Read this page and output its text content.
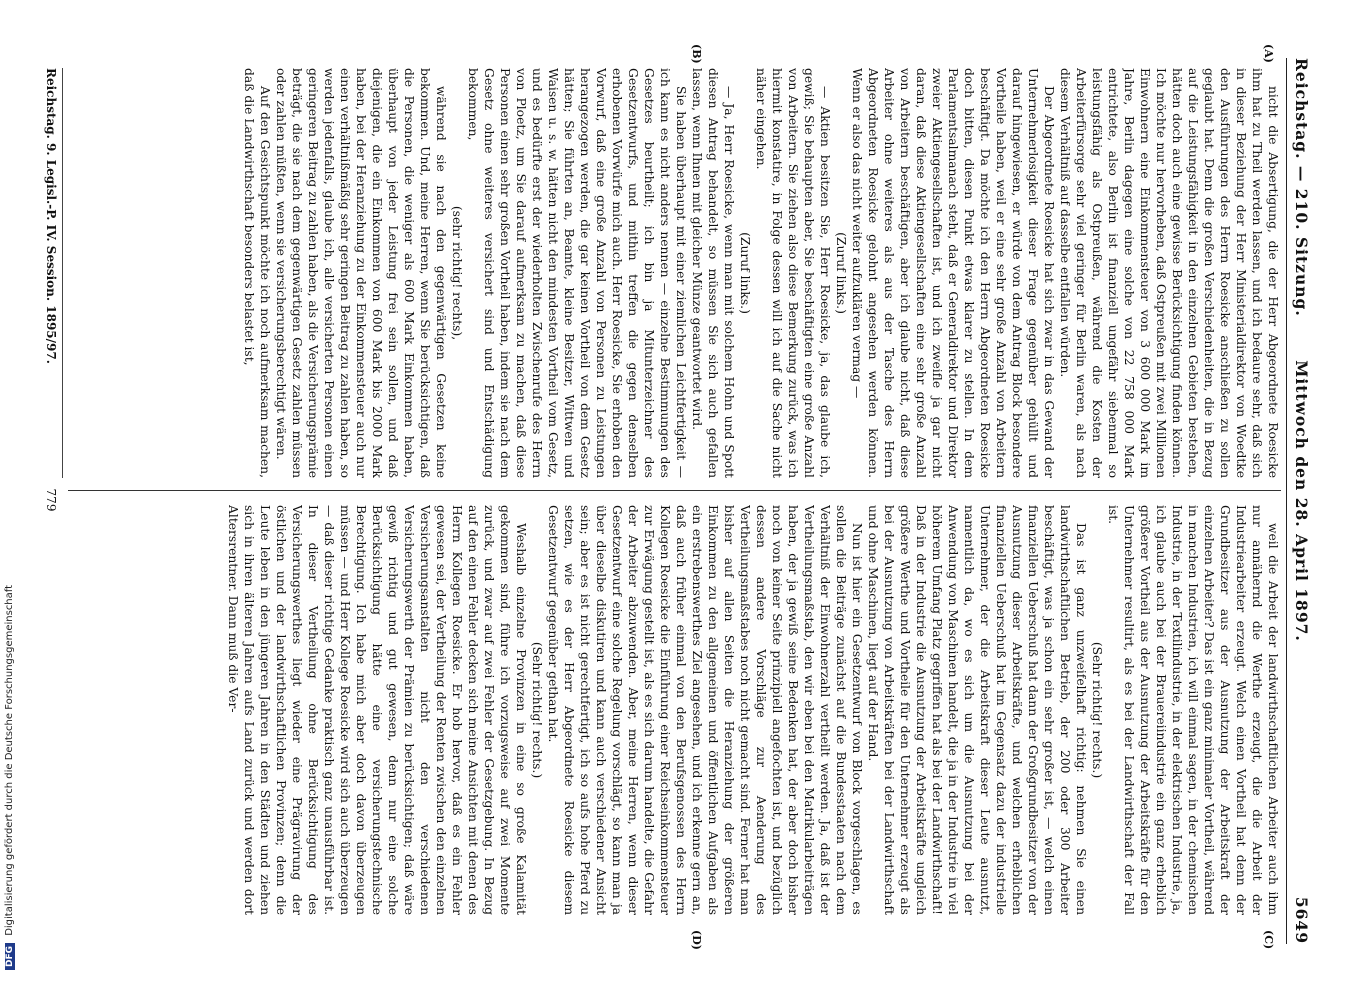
Reichstag. — 210. Sitzung.
Mittwoch den 28. April 1897.
5649
(A)
(B)
(C)
(D)

nicht die Absertigung, die der Herr Abgeordnete Roesicke ihm hat zu Theil werden lassen, und ich bedaure sehr, daß sich in dieser Beziehung der Herr Ministerialdirektor von Woedtke den Ausführungen des Herrn Roesicke anschließen zu sollen geglaubt hat. Denn die großen Verschiedenheiten, die in Bezug auf die Leistungsfähigkeit in den einzelnen Gebieten bestehen, hätten doch auch eine gewisse Berücksichtigung finden können. Ich möchte nur hervorheben, daß Ostpreußen mit zwei Millionen Einwohnern eine Einkommensteuer von 3 600 000 Mark im Jahre, Berlin dagegen eine solche von 22 758 000 Mark entrichtete, also Berlin ist finanziell ungefähr siebenmal so leistungsfähig als Ostpreußen, während die Kosten der Arbeiterfürsorge sehr viel geringer für Berlin waren, als nach diesem Verhältniß auf dasselbe entfallen würden.

Der Abgeordnete Roesicke hat sich zwar in das Gewand der Unternehmerlosigkeit dieser Frage gegenüber gehüllt und darauf hingewiesen, er würde von dem Antrag Block besondere Vortheile haben, weil er eine sehr große Anzahl von Arbeitern beschäftigt. Da möchte ich den Herrn Abgeordneten Roesicke doch bitten, diesen Punkt etwas klarer zu stellen. In dem Parlamentsalmanach steht, daß er Generaldirektor und Direktor zweier Aktiengesellschaften ist, und ich zweifle ja gar nicht daran, daß diese Aktiengesellschaften eine sehr große Anzahl von Arbeitern beschäftigen, aber ich glaube nicht, daß diese Arbeiter ohne weiteres als aus der Tasche des Herrn Abgeordneten Roesicke gelohnt angesehen werden können. Wenn er also das nicht weiter aufzuklären vermag —

(Zuruf links.)

— Aktien besitzen Sie, Herr Roesicke, ja, das glaube ich, gewiß; Sie behaupten aber, Sie beschäftigten eine große Anzahl von Arbeitern. Sie ziehen also diese Bemerkung zurück, was ich hiermit konstatire, in Folge dessen will ich auf die Sache nicht näher eingehen.

(Zuruf links.)

— Ja, Herr Roesicke, wenn man mit solchem Hohn und Spott diesen Antrag behandelt, so müssen Sie sich auch gefallen lassen, wenn Ihnen mit gleicher Münze geantwortet wird.

Sie haben überhaupt mit einer ziemlichen Leichtfertigkeit — ich kann es nicht anders nennen — einzelne Bestimmungen des Gesetzes beurtheilt; ich bin ja Mitunterzeichner des Gesetzentwurfs, und mithin treffen die gegen denselben erhobenen Vorwürfe mich auch. Herr Roesicke, Sie erhoben den Vorwurf, daß eine große Anzahl von Personen zu Leistungen herangezogen werden, die gar keinen Vortheil von dem Gesetz hätten; Sie führten an, Beamte, kleine Besitzer, Wittwen und Waisen u. s. w. hätten nicht den mindesten Vortheil vom Gesetz, und es bedürfte erst der wiederholten Zwischenrufe des Herrn von Ploetz, um Sie darauf aufmerksam zu machen, daß diese Personen einen sehr großen Vortheil haben, indem sie nach dem Gesetz ohne weiteres versichert sind und Entschädigung bekommen,

(sehr richtig! rechts),

während sie nach den gegenwärtigen Gesetzen keine bekommen. Und, meine Herren, wenn Sie berücksichtigen, daß die Personen, die weniger als 600 Mark Einkommen haben, überhaupt von jeder Leistung frei sein sollen, und daß diejenigen, die ein Einkommen von 600 Mark bis 2000 Mark haben, bei der Heranziehung zu der Einkommensteuer auch nur einen verhältnißmäßig sehr geringen Beitrag zu zahlen haben, so werden jedenfalls, glaube ich, alle versicherten Personen einen geringeren Beitrag zu zahlen haben, als die Versicherungsprämie beträgt, die sie nach dem gegenwärtigen Gesetz zahlen müssen oder zahlen müßten, wenn sie versicherungsberechtigt wären.

Auf den Gesichtspunkt möchte ich noch aufmerksam machen, daß die Landwirthschaft besonders belastet ist,

weil die Arbeit der landwirthschaftlichen Arbeiter auch ihm nur annähernd die Werthe erzeugt, die die Arbeit der Industriearbeiter erzeugt. Welch einen Vortheil hat denn der Grundbesitzer aus der Ausnutzung der Arbeitskraft der einzelnen Arbeiter? Das ist ein ganz minimaler Vortheil, während in manchen Industrien, ich will einmal sagen, in der chemischen Industrie, in der Textilindustrie, in der elektrischen Industrie, ja, ich glaube auch bei der Brauereiindustrie ein ganz erheblich größerer Vortheil aus der Ausnutzung der Arbeitskräfte für den Unternehmer resultirt, als es bei der Landwirthschaft der Fall ist.

(Sehr richtig! rechts.)

Das ist ganz unzweifelhaft richtig: nehmen Sie einen landwirthschaftlichen Betrieb, der 200 oder 300 Arbeiter beschäftigt, was ja schon ein sehr großer ist, — welch einen finanziellen Ueberschuß hat dann der Großgrundbesitzer von der Ausnutzung dieser Arbeitskräfte, und welchen erheblichen finanziellen Ueberschuß hat im Gegensatz dazu der industrielle Unternehmer, der die Arbeitskraft dieser Leute ausnutzt, namentlich da, wo es sich um die Ausnutzung bei der Anwendung von Maschinen handelt, die ja in der Industrie in viel höherem Umfang Platz gegriffen hat als bei der Landwirthschaft! Daß in der Industrie die Ausnutzung der Arbeitskräfte ungleich größere Werthe und Vortheile für den Unternehmer erzeugt als bei der Ausnutzung von Arbeitskräften bei der Landwirthschaft und ohne Maschinen, liegt auf der Hand.

Nun ist hier ein Gesetzentwurf von Block vorgeschlagen, es sollen die Beiträge zunächst auf die Bundesstaaten nach dem Verhältniß der Einwohnerzahl vertheilt werden. Ja, daß ist der Vertheilungsmaßstab, den wir eben bei den Matrikularbeiträgen haben, der ja gewiß seine Bedenken hat, der aber doch bisher noch von keiner Seite prinzipiell angefochten ist, und bezüglich dessen andere Vorschläge zur Aenderung des Vertheilungsmaßstabes noch nicht gemacht sind. Ferner hat man bisher auf allen Seiten die Heranziehung der größeren Einkommen zu den allgemeinen und öffentlichen Aufgaben als ein erstrebenswerthes Ziel angesehen, und ich erkenne gern an, daß auch früher einmal von den Berufsgenossen des Herrn Kollegen Roesicke die Einführung einer Reichseinkommensteuer zur Erwägung gestellt ist, als es sich darum handelte, die Gefahr der Arbeiter abzuwenden. Aber, meine Herren, wenn dieser Gesetzentwurf eine solche Regelung vorschlägt, so kann man ja über dieselbe diskutiren und kann auch verschiedener Ansicht sein; aber es ist nicht gerechtfertigt, ich so aufs hohe Pferd zu setzen, wie es der Herr Abgeordnete Roesicke diesem Gesetzentwurf gegenüber gethan hat.

(Sehr richtig! rechts.)

Weshalb einzelne Provinzen in eine so große Kalamität gekommen sind, führe ich vorzugsweise auf zwei Momente zurück, und zwar auf zwei Fehler der Gesetzgebung. In Bezug auf den einen Fehler decken sich meine Ansichten mit denen des Herrn Kollegen Roesicke. Er hob hervor, daß es ein Fehler gewesen sei, der Vertheilung der Renten zwischen den einzelnen Versicherungsanstalten nicht den verschiedenen Versicherungswerth der Prämien zu berücksichtigen; daß wäre gewiß richtig und gut gewesen, denn nur eine solche Berücksichtigung hätte eine versicherungstechnische Berechtigung. Ich habe mich aber doch davon überzeugen müssen — und Herr Kollege Roesicke wird sich auch überzeugen — daß dieser richtige Gedanke praktisch ganz unausführbar ist. In dieser Vertheilung ohne Berücksichtigung des Versicherungswerthes liegt wieder eine Prägravirung der östlichen und der landwirthschaftlichen Provinzen; denn die Leute leben in den jüngeren Jahren in den Städten und ziehen sich in ihren älteren Jahren aufs Land zurück und werden dort Altersrentner. Dann muß die Ver-

Reichstag. 9. Legisl.-P. IV. Session. 1895/97.
779
DFG Digitalisierung gefördert durch die Deutsche Forschungsgemeinschaft
